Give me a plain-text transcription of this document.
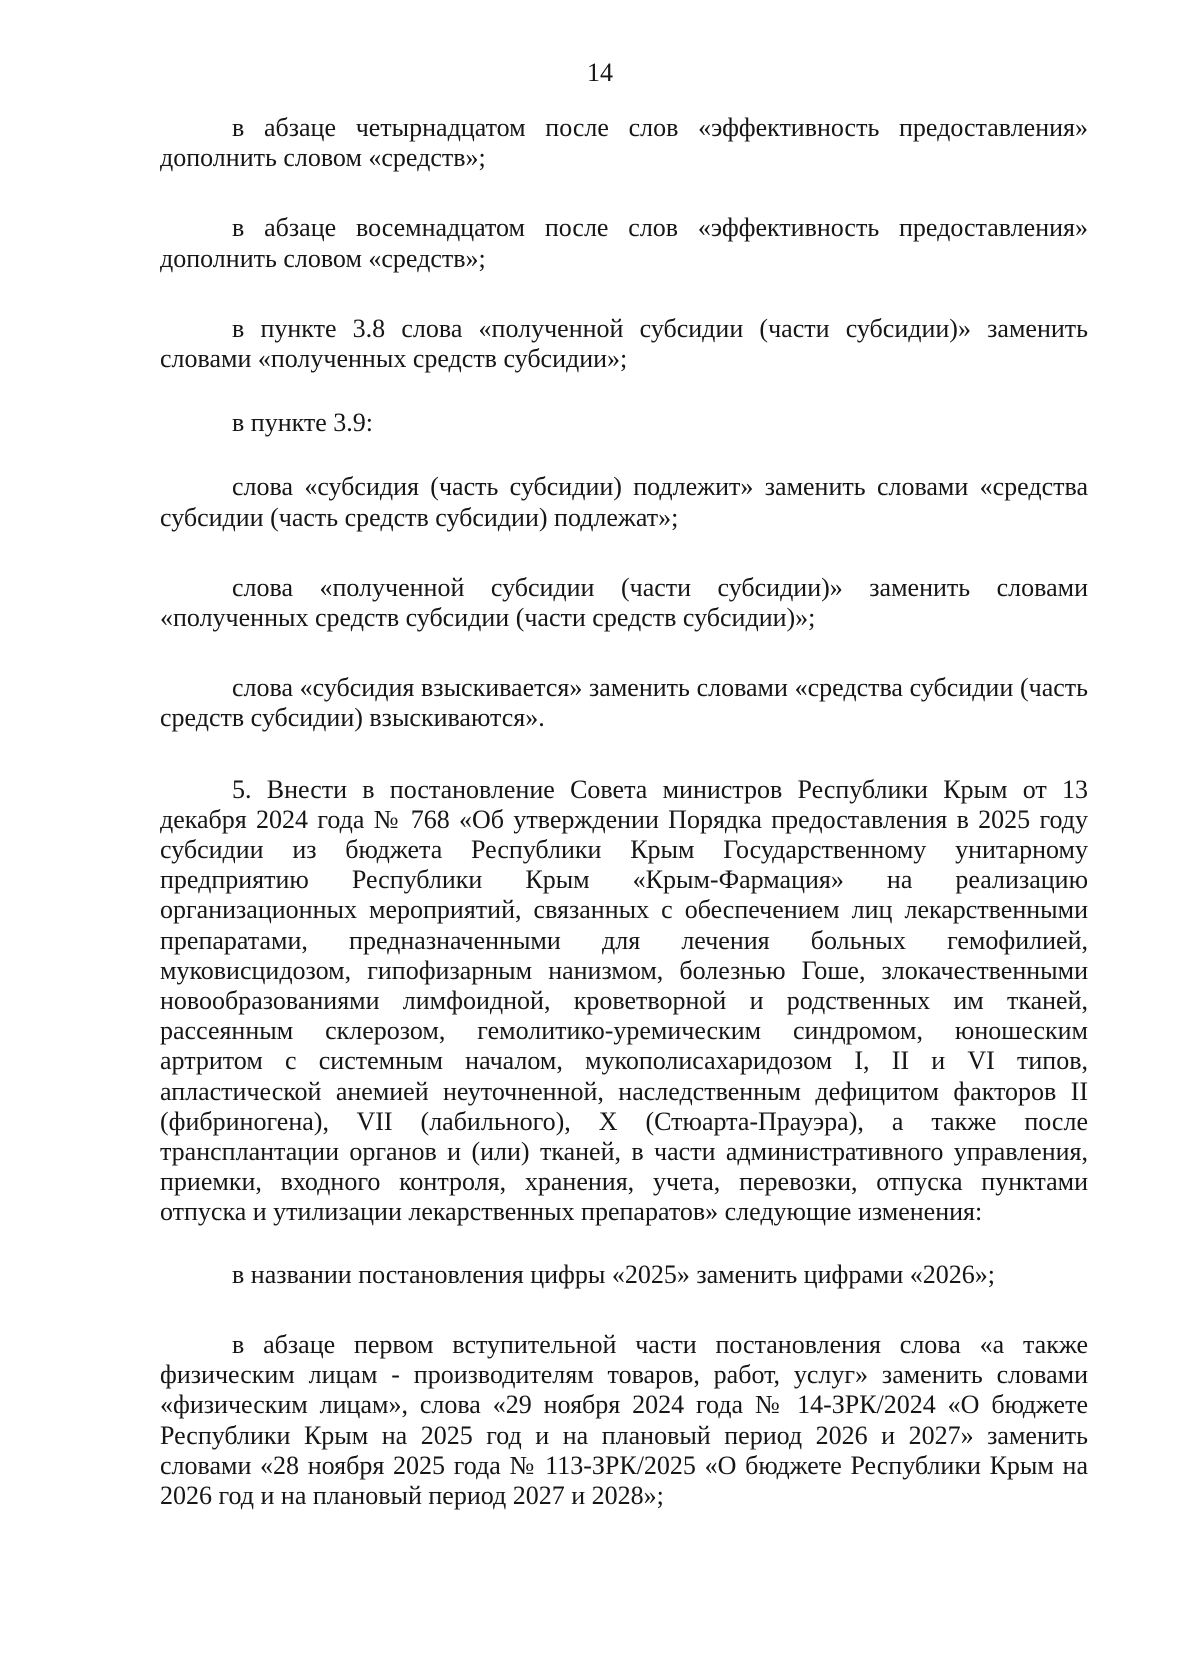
14

в абзаце четырнадцатом после слов «эффективность предоставления» дополнить словом «средств»;

в абзаце восемнадцатом после слов «эффективность предоставления» дополнить словом «средств»;

в пункте 3.8 слова «полученной субсидии (части субсидии)» заменить словами «полученных средств субсидии»;

в пункте 3.9:

слова «субсидия (часть субсидии) подлежит» заменить словами «средства субсидии (часть средств субсидии) подлежат»;

слова «полученной субсидии (части субсидии)» заменить словами «полученных средств субсидии (части средств субсидии)»;

слова «субсидия взыскивается» заменить словами «средства субсидии (часть средств субсидии) взыскиваются».

5. Внести в постановление Совета министров Республики Крым от 13 декабря 2024 года № 768 «Об утверждении Порядка предоставления в 2025 году субсидии из бюджета Республики Крым Государственному унитарному предприятию Республики Крым «Крым-Фармация» на реализацию организационных мероприятий, связанных с обеспечением лиц лекарственными препаратами, предназначенными для лечения больных гемофилией, муковисцидозом, гипофизарным нанизмом, болезнью Гоше, злокачественными новообразованиями лимфоидной, кроветворной и родственных им тканей, рассеянным склерозом, гемолитико-уремическим синдромом, юношеским артритом с системным началом, мукополисахаридозом I, II и VI типов, апластической анемией неуточненной, наследственным дефицитом факторов II (фибриногена), VII (лабильного), X (Стюарта-Прауэра), а также после трансплантации органов и (или) тканей, в части административного управления, приемки, входного контроля, хранения, учета, перевозки, отпуска пунктами отпуска и утилизации лекарственных препаратов» следующие изменения:

в названии постановления цифры «2025» заменить цифрами «2026»;

в абзаце первом вступительной части постановления слова «а также физическим лицам - производителям товаров, работ, услуг» заменить словами «физическим лицам», слова «29 ноября 2024 года № 14-ЗРК/2024 «О бюджете Республики Крым на 2025 год и на плановый период 2026 и 2027» заменить словами «28 ноября 2025 года № 113-ЗРК/2025 «О бюджете Республики Крым на 2026 год и на плановый период 2027 и 2028»;
